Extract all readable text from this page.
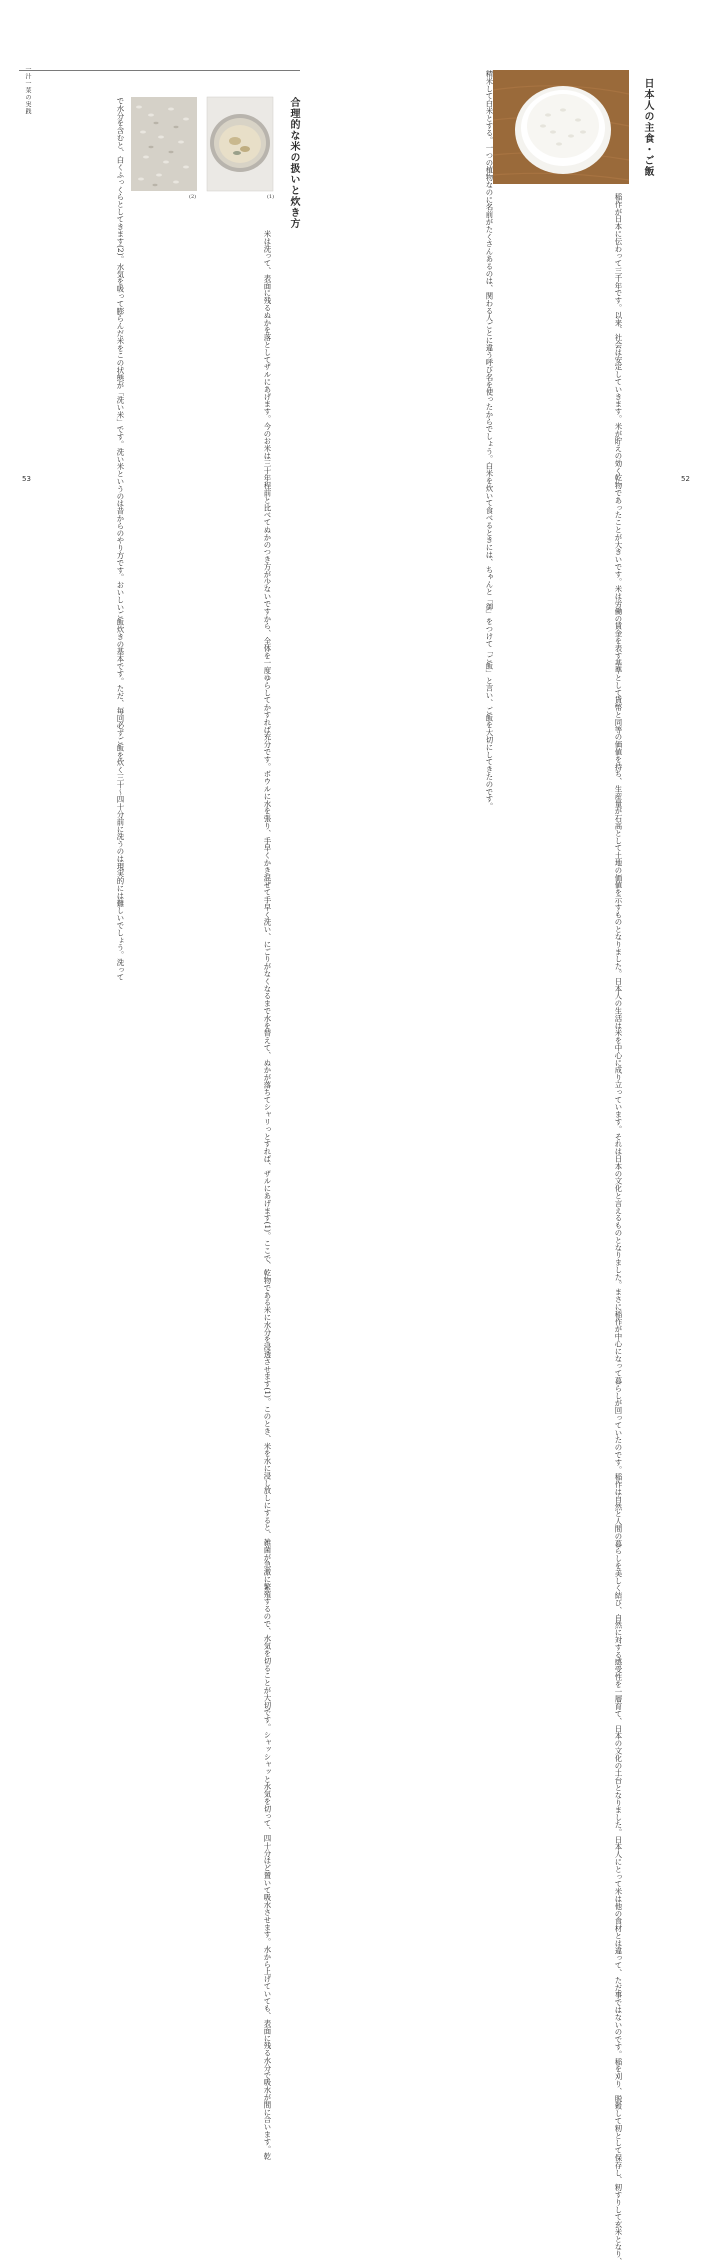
一汁一菜の実践
合理的な米の扱いと炊き方
(1)
(2)
で水分を含むと、白くふっくらとしてきます(2)。水気を吸って膨らんだ米をこの状態が「洗い米」です。洗い米というのは昔からのやり方です。おいしいご飯炊きの基本です。ただ、毎回必ずご飯を炊く三十〜四十分前に洗うのは現実的には難しいでしょう。洗って	米は洗って、表面に残るぬかを落としてザルにあげます。今のお米は三十年程前と比べてぬかのつき方が少ないですから、全体を一度ゆらしてかすれば充分です。ボウルに水を張り、手早くかき混ぜて手早く洗い、にごりがなくなるまで水を替えて、ぬかが落ちてシャリっとすれば、ザルにあげます(1)。ここで、乾物である米に水分を浸透させます(1)。このとき、米を水に浸し放しにすると、雑菌が急激に繁殖するので、水気を切ることが大切です。シャッシャッと水気を切って、四十分ほど置いて吸水させます。水から上げていても、表面に残る水分で吸水が間に合います。乾
53
日本人の主食・ご飯
精米して白米とする。一つの植物なのに名前がたくさんあるのは、関わる人ごとに違う呼び名を使ったからでしょう。白米を炊いて食べるときには、ちゃんと「御」をつけて「ご飯」と言い、ご飯を大切にしてきたのです。	稲作が日本に伝わって三千年です。以来、社会は安定していきます。米が貯えの効く乾物であったことが大きいです。米は労働の賃金を表す基準として貨幣と同等の価値を持ち、生産量が石高として土地の価値を示すものとなりました。日本人の生活は米を中心に成り立っています。それは日本の文化と言えるものとなりました。まさに稲作が中心になって暮らしが回っていたのです。稲作は自然と人間の暮らしを美しく結び、自然に対する感受性を一層育て、日本の文化の土台となりました。日本人にとって米は他の食材とは違って、ただ事ではないのです。稲を刈り、脱穀して籾として保存し、籾すりして玄米となり、	52
